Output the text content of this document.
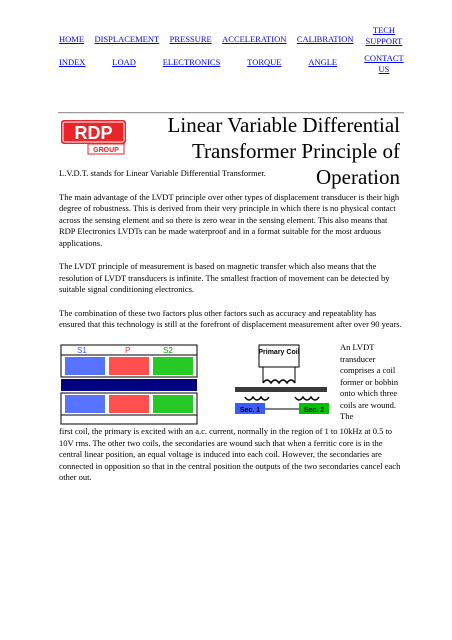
HOME DISPLACEMENT PRESSURE ACCELERATION CALIBRATION
TECH SUPPORT
INDEX	LOAD	ELECTRONICS	TORQUE	ANGLE	CONTACT US
RDP
GROUP
Linear Variable Differential Transformer Principle of Operation

L.V.D.T. stands for Linear Variable Differential Transformer.

The main advantage of the LVDT principle over other types of displacement transducer is their high degree of robustness. This is derived from their very principle in which there is no physical contact across the sensing element and so there is zero wear in the sensing element. This also means that RDP Electronics LVDTs can be made waterproof and in a format suitable for the most arduous applications.

The LVDT principle of measurement is based on magnetic transfer which also means that the resolution of LVDT transducers is infinite. The smallest fraction of movement can be detected by suitable signal conditioning electronics.

The combination of these two factors plus other factors such as accuracy and repeatablity has ensured that this technology is still at the forefront of displacement measurement after over 90 years.

S1	P	S2	Primary Coil
Sec. 1	Sec. 2
An LVDT transducer comprises a coil former or bobbin onto which three coils are wound. The
first coil, the primary is excited with an a.c. current, normally in the region of 1 to 10kHz at 0.5 to 10V rms. The other two coils, the secondaries are wound such that when a ferritic core is in the central linear position, an equal voltage is induced into each coil. However, the secondaries are connected in opposition so that in the central position the outputs of the two secondaries cancel each other out.
